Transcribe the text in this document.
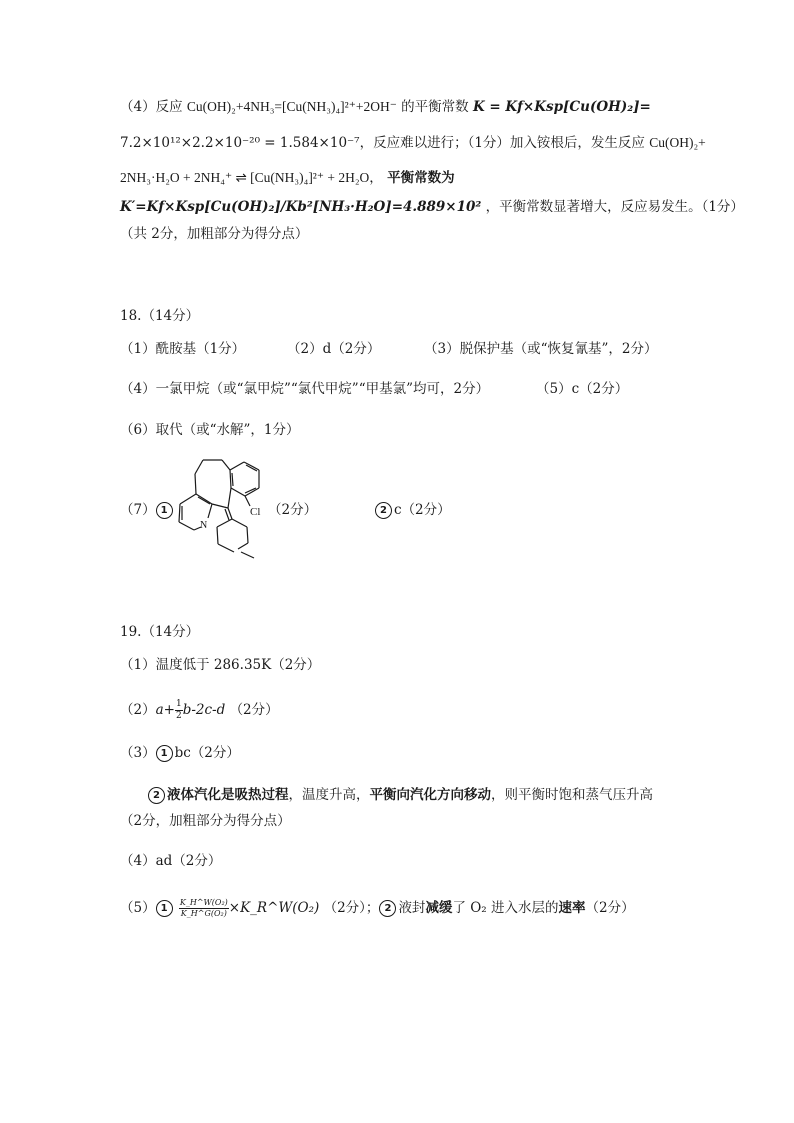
（4）反应 Cu(OH)₂+4NH₃=[Cu(NH₃)₄]²⁺+2OH⁻ 的平衡常数 K = Kf×Ksp[Cu(OH)₂]=
7.2×10¹²×2.2×10⁻²⁰ = 1.584×10⁻⁷，反应难以进行；（1分）加入铵根后，发生反应 Cu(OH)₂+
2NH₃·H₂O + 2NH₄⁺ ⇌ [Cu(NH₃)₄]²⁺ + 2H₂O， 平衡常数为
K′=Kf×Ksp[Cu(OH)₂]/Kb²[NH₃·H₂O]=4.889×10² ，平衡常数显著增大，反应易发生。（1分）
（共 2分，加粗部分为得分点）
18.（14分）
（1）酰胺基（1分）	（2）d（2分）	（3）脱保护基（或“恢复氰基”，2分）
（4）一氯甲烷（或“氯甲烷”“氯代甲烷”“甲基氯”均可，2分）	（5）c（2分）
（6）取代（或“水解”，1分）
（7） 1
N
Cl （2分）	2 c（2分）
19.（14分）
（1）温度低于 286.35K（2分）
$(2)a+ \frac{1}{2} b-2c-d$ （2分）
（3） 1 bc（2分）
2 液体汽化是吸热过程，温度升高，平衡向汽化方向移动，则平衡时饱和蒸气压升高
（2分，加粗部分为得分点）
（4）ad（2分）
（5） $1 \frac{\text{K\_H\textasciicircum{}W(O₂)}}{\text{K\_H\textasciicircum{}G(O₂)}}$ ×K_R^W(O₂) （2分）； 2 液封减缓了 O₂ 进入水层的速率（2分）
